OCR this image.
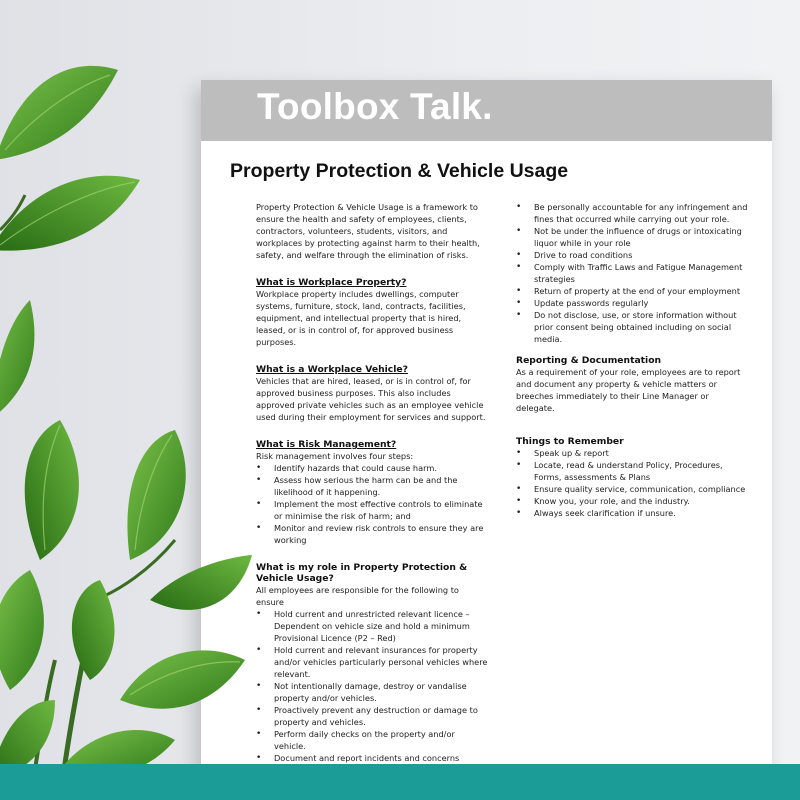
Toolbox Talk.
Property Protection & Vehicle Usage

Property Protection & Vehicle Usage is a framework to ensure the health and safety of employees, clients, contractors, volunteers, students, visitors, and workplaces by protecting against harm to their health, safety, and welfare through the elimination of risks.

What is Workplace Property?

Workplace property includes dwellings, computer systems, furniture, stock, land, contracts, facilities, equipment, and intellectual property that is hired, leased, or is in control of, for approved business purposes.

What is a Workplace Vehicle?

Vehicles that are hired, leased, or is in control of, for approved business purposes. This also includes approved private vehicles such as an employee vehicle used during their employment for services and support.

What is Risk Management?

Risk management involves four steps:

• Identify hazards that could cause harm.
• Assess how serious the harm can be and the likelihood of it happening.
• Implement the most effective controls to eliminate or minimise the risk of harm; and
• Monitor and review risk controls to ensure they are working

What is my role in Property Protection & Vehicle Usage?

All employees are responsible for the following to ensure

• Hold current and unrestricted relevant licence – Dependent on vehicle size and hold a minimum Provisional Licence (P2 – Red)
• Hold current and relevant insurances for property and/or vehicles particularly personal vehicles where relevant.
• Not intentionally damage, destroy or vandalise property and/or vehicles.
• Proactively prevent any destruction or damage to property and vehicles.
• Perform daily checks on the property and/or vehicle.
• Document and report incidents and concerns
• Be personally accountable for any infringement and fines that occurred while carrying out your role.
• Not be under the influence of drugs or intoxicating liquor while in your role
• Drive to road conditions
• Comply with Traffic Laws and Fatigue Management strategies
• Return of property at the end of your employment
• Update passwords regularly
• Do not disclose, use, or store information without prior consent being obtained including on social media.

Reporting & Documentation

As a requirement of your role, employees are to report and document any property & vehicle matters or breeches immediately to their Line Manager or delegate.

Things to Remember

• Speak up & report
• Locate, read & understand Policy, Procedures, Forms, assessments & Plans
• Ensure quality service, communication, compliance
• Know you, your role, and the industry.
• Always seek clarification if unsure.
